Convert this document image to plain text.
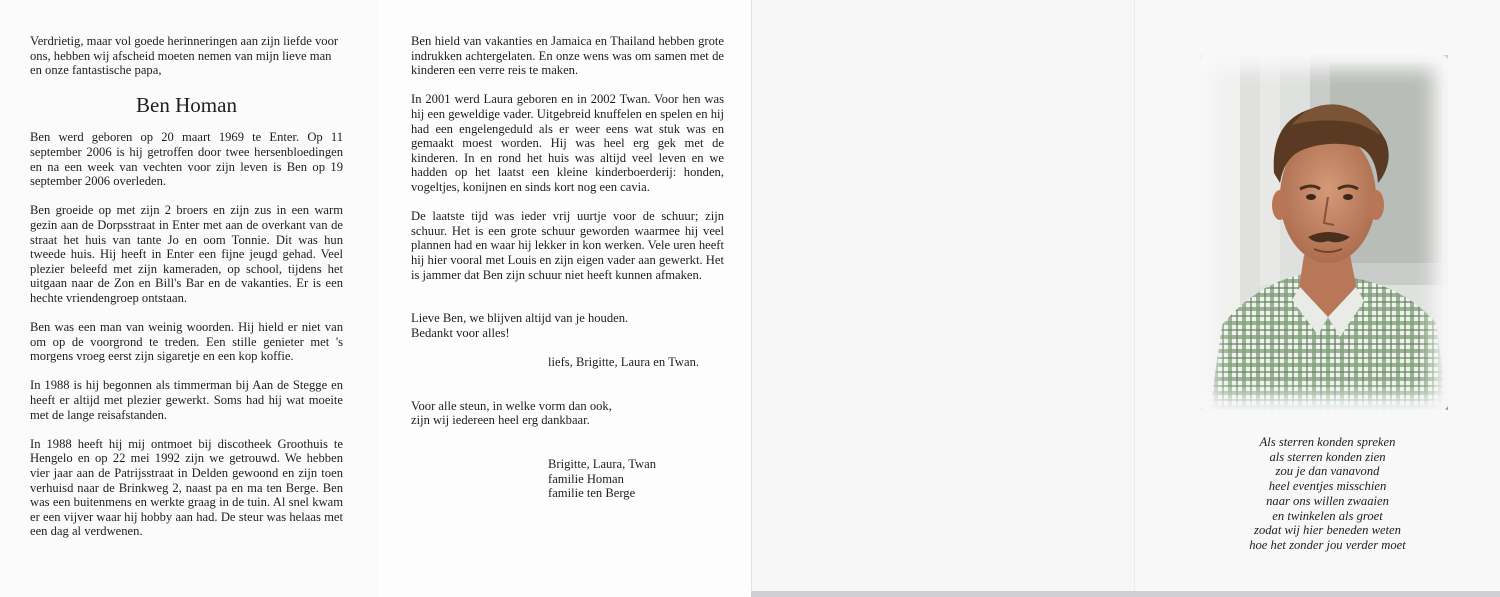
Verdrietig, maar vol goede herinneringen aan zijn liefde voor ons, hebben wij afscheid moeten nemen van mijn lieve man en onze fantastische papa,

Ben Homan

Ben werd geboren op 20 maart 1969 te Enter. Op 11 september 2006 is hij getroffen door twee hersenbloedingen en na een week van vechten voor zijn leven is Ben op 19 september 2006 overleden.

Ben groeide op met zijn 2 broers en zijn zus in een warm gezin aan de Dorpsstraat in Enter met aan de overkant van de straat het huis van tante Jo en oom Tonnie. Dit was hun tweede huis. Hij heeft in Enter een fijne jeugd gehad. Veel plezier beleefd met zijn kameraden, op school, tijdens het uitgaan naar de Zon en Bill's Bar en de vakanties. Er is een hechte vriendengroep ontstaan.

Ben was een man van weinig woorden. Hij hield er niet van om op de voorgrond te treden. Een stille genieter met 's morgens vroeg eerst zijn sigaretje en een kop koffie.

In 1988 is hij begonnen als timmerman bij Aan de Stegge en heeft er altijd met plezier gewerkt. Soms had hij wat moeite met de lange reisafstanden.

In 1988 heeft hij mij ontmoet bij discotheek Groothuis te Hengelo en op 22 mei 1992 zijn we getrouwd. We hebben vier jaar aan de Patrijsstraat in Delden gewoond en zijn toen verhuisd naar de Brinkweg 2, naast pa en ma ten Berge. Ben was een buitenmens en werkte graag in de tuin. Al snel kwam er een vijver waar hij hobby aan had. De steur was helaas met een dag al verdwenen.

Ben hield van vakanties en Jamaica en Thailand hebben grote indrukken achtergelaten. En onze wens was om samen met de kinderen een verre reis te maken.

In 2001 werd Laura geboren en in 2002 Twan. Voor hen was hij een geweldige vader. Uitgebreid knuffelen en spelen en hij had een engelengeduld als er weer eens wat stuk was en gemaakt moest worden. Hij was heel erg gek met de kinderen. In en rond het huis was altijd veel leven en we hadden op het laatst een kleine kinderboerderij: honden, vogeltjes, konijnen en sinds kort nog een cavia.

De laatste tijd was ieder vrij uurtje voor de schuur; zijn schuur. Het is een grote schuur geworden waarmee hij veel plannen had en waar hij lekker in kon werken. Vele uren heeft hij hier vooral met Louis en zijn eigen vader aan gewerkt. Het is jammer dat Ben zijn schuur niet heeft kunnen afmaken.

Lieve Ben, we blijven altijd van je houden.
Bedankt voor alles!
liefs, Brigitte, Laura en Twan.
Voor alle steun, in welke vorm dan ook,
zijn wij iedereen heel erg dankbaar.
Brigitte, Laura, Twan
familie Homan
familie ten Berge
Als sterren konden spreken
als sterren konden zien
zou je dan vanavond
heel eventjes misschien
naar ons willen zwaaien
en twinkelen als groet
zodat wij hier beneden weten
hoe het zonder jou verder moet
